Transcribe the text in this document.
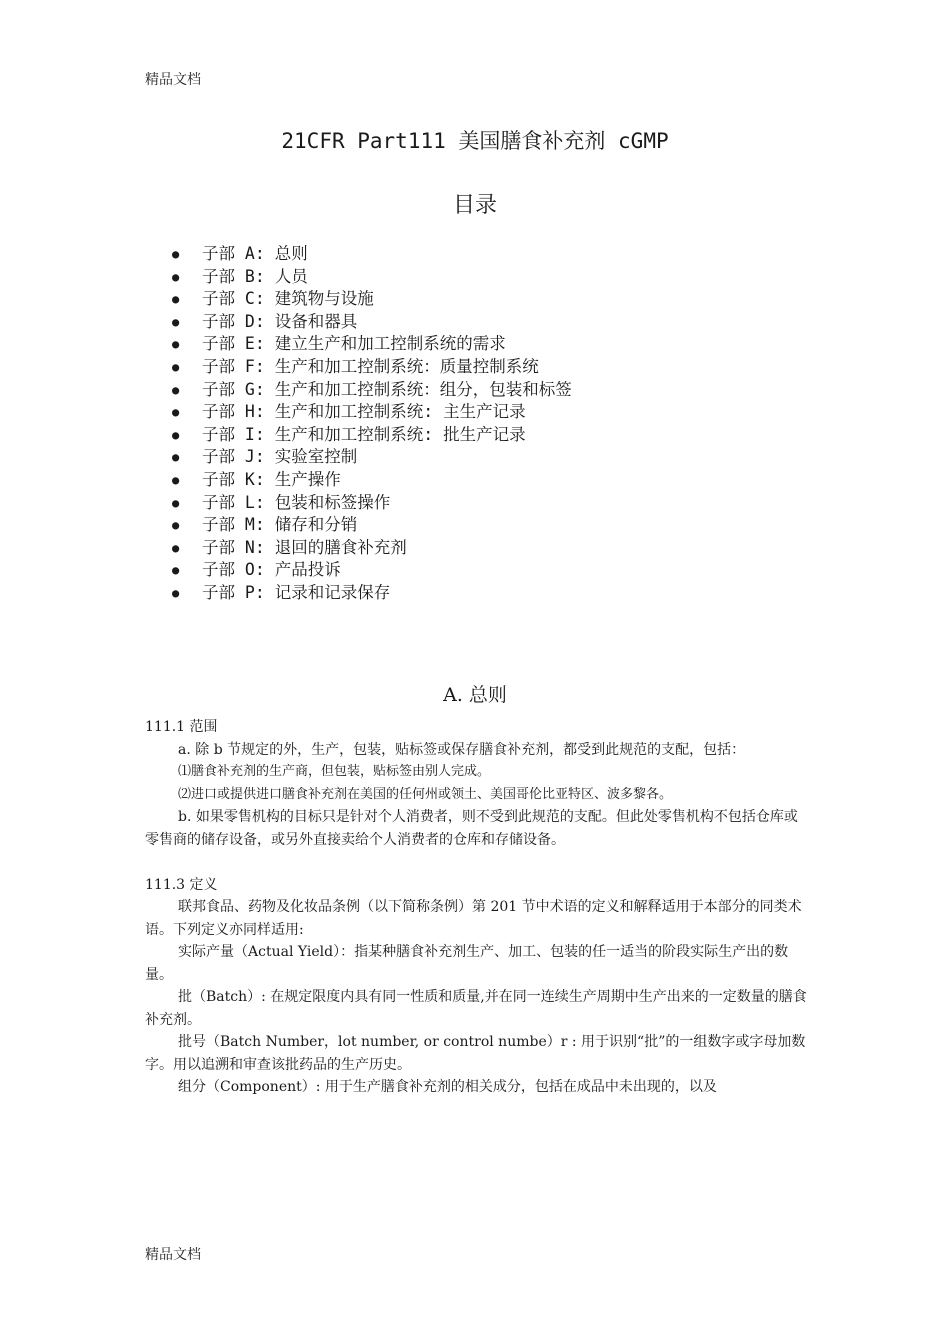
精品文档
21CFR Part111 美国膳食补充剂 cGMP
目录
● 子部 A: 总则
● 子部 B: 人员
● 子部 C: 建筑物与设施
● 子部 D: 设备和器具
● 子部 E: 建立生产和加工控制系统的需求
● 子部 F: 生产和加工控制系统：质量控制系统
● 子部 G: 生产和加工控制系统：组分，包装和标签
● 子部 H: 生产和加工控制系统: 主生产记录
● 子部 I: 生产和加工控制系统: 批生产记录
● 子部 J: 实验室控制
● 子部 K: 生产操作
● 子部 L: 包装和标签操作
● 子部 M: 储存和分销
● 子部 N: 退回的膳食补充剂
● 子部 O: 产品投诉
● 子部 P: 记录和记录保存
A. 总则

111.1 范围

a. 除 b 节规定的外，生产，包装，贴标签或保存膳食补充剂，都受到此规范的支配，包括：

⑴膳食补充剂的生产商，但包装，贴标签由别人完成。

⑵进口或提供进口膳食补充剂在美国的任何州或领土、美国哥伦比亚特区、波多黎各。

b. 如果零售机构的目标只是针对个人消费者，则不受到此规范的支配。但此处零售机构不包括仓库或零售商的储存设备，或另外直接卖给个人消费者的仓库和存储设备。

111.3 定义

联邦食品、药物及化妆品条例（以下简称条例）第 201 节中术语的定义和解释适用于本部分的同类术语。下列定义亦同样适用:

实际产量（Actual Yield）：指某种膳食补充剂生产、加工、包装的任一适当的阶段实际生产出的数量。

批（Batch）: 在规定限度内具有同一性质和质量,并在同一连续生产周期中生产出来的一定数量的膳食补充剂。

批号（Batch Number，lot number, or control numbe）r : 用于识别“批”的一组数字或字母加数字。用以追溯和审查该批药品的生产历史。

组分（Component）: 用于生产膳食补充剂的相关成分，包括在成品中未出现的，以及

精品文档
